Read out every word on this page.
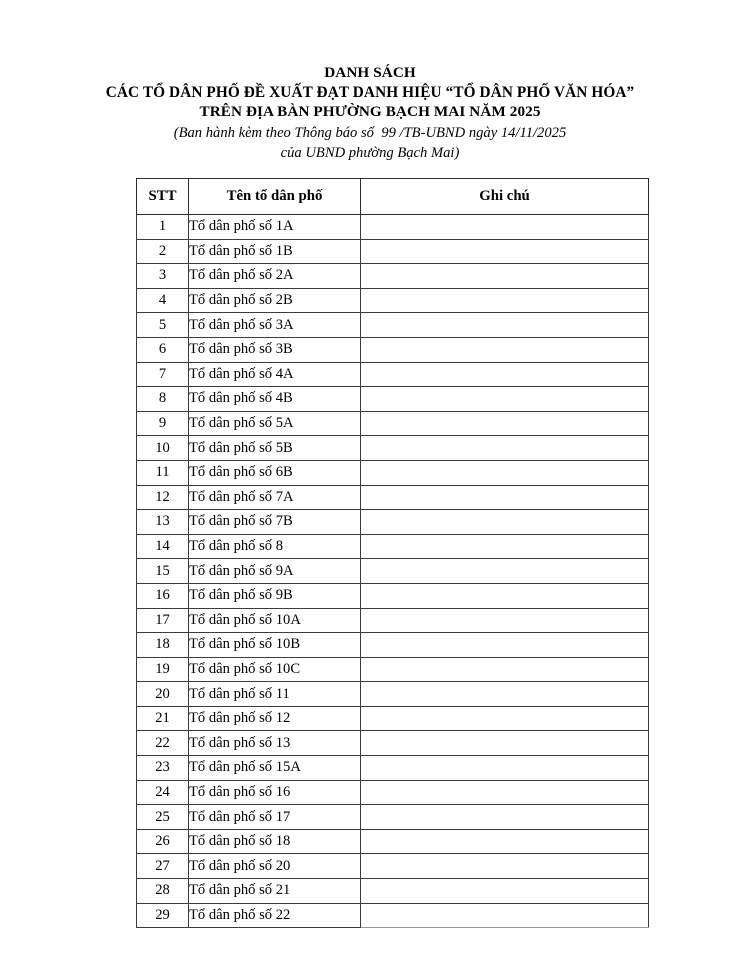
DANH SÁCH
CÁC TỔ DÂN PHỐ ĐỀ XUẤT ĐẠT DANH HIỆU “TỔ DÂN PHỐ VĂN HÓA”
TRÊN ĐỊA BÀN PHƯỜNG BẠCH MAI NĂM 2025
(Ban hành kèm theo Thông báo số  99 /TB-UBND ngày 14/11/2025
của UBND phường Bạch Mai)
STT	Tên tổ dân phố	Ghi chú
1	Tổ dân phố số 1A	
2	Tổ dân phố số 1B	
3	Tổ dân phố số 2A	
4	Tổ dân phố số 2B	
5	Tổ dân phố số 3A	
6	Tổ dân phố số 3B	
7	Tổ dân phố số 4A	
8	Tổ dân phố số 4B	
9	Tổ dân phố số 5A	
10	Tổ dân phố số 5B	
11	Tổ dân phố số 6B	
12	Tổ dân phố số 7A	
13	Tổ dân phố số 7B	
14	Tổ dân phố số 8	
15	Tổ dân phố số 9A	
16	Tổ dân phố số 9B	
17	Tổ dân phố số 10A	
18	Tổ dân phố số 10B	
19	Tổ dân phố số 10C	
20	Tổ dân phố số 11	
21	Tổ dân phố số 12	
22	Tổ dân phố số 13	
23	Tổ dân phố số 15A	
24	Tổ dân phố số 16	
25	Tổ dân phố số 17	
26	Tổ dân phố số 18	
27	Tổ dân phố số 20	
28	Tổ dân phố số 21	
29	Tổ dân phố số 22	
